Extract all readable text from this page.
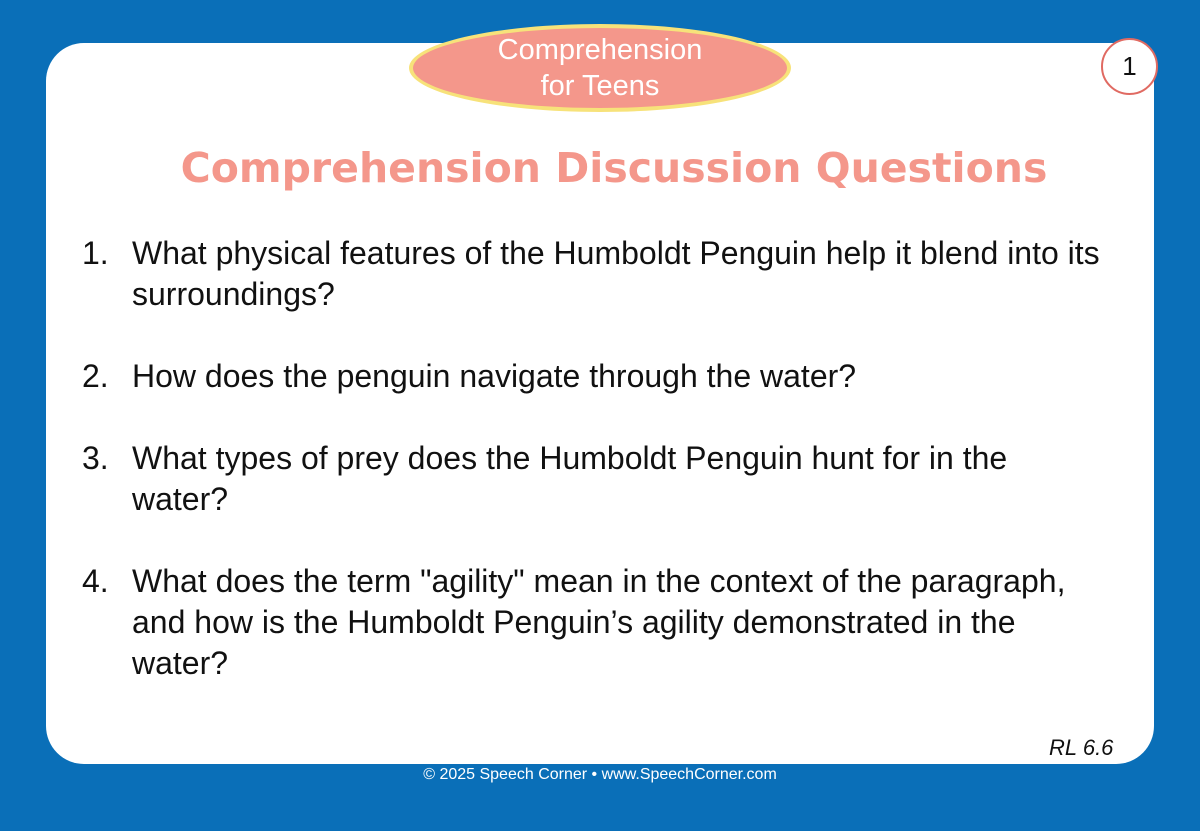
Comprehension
for Teens
1
Comprehension Discussion Questions
1. What physical features of the Humboldt Penguin help it blend into its surroundings?
2. How does the penguin navigate through the water?
3. What types of prey does the Humboldt Penguin hunt for in the water?
4. What does the term "agility" mean in the context of the paragraph, and how is the Humboldt Penguin’s agility demonstrated in the water?
RL 6.6
© 2025 Speech Corner • www.SpeechCorner.com
